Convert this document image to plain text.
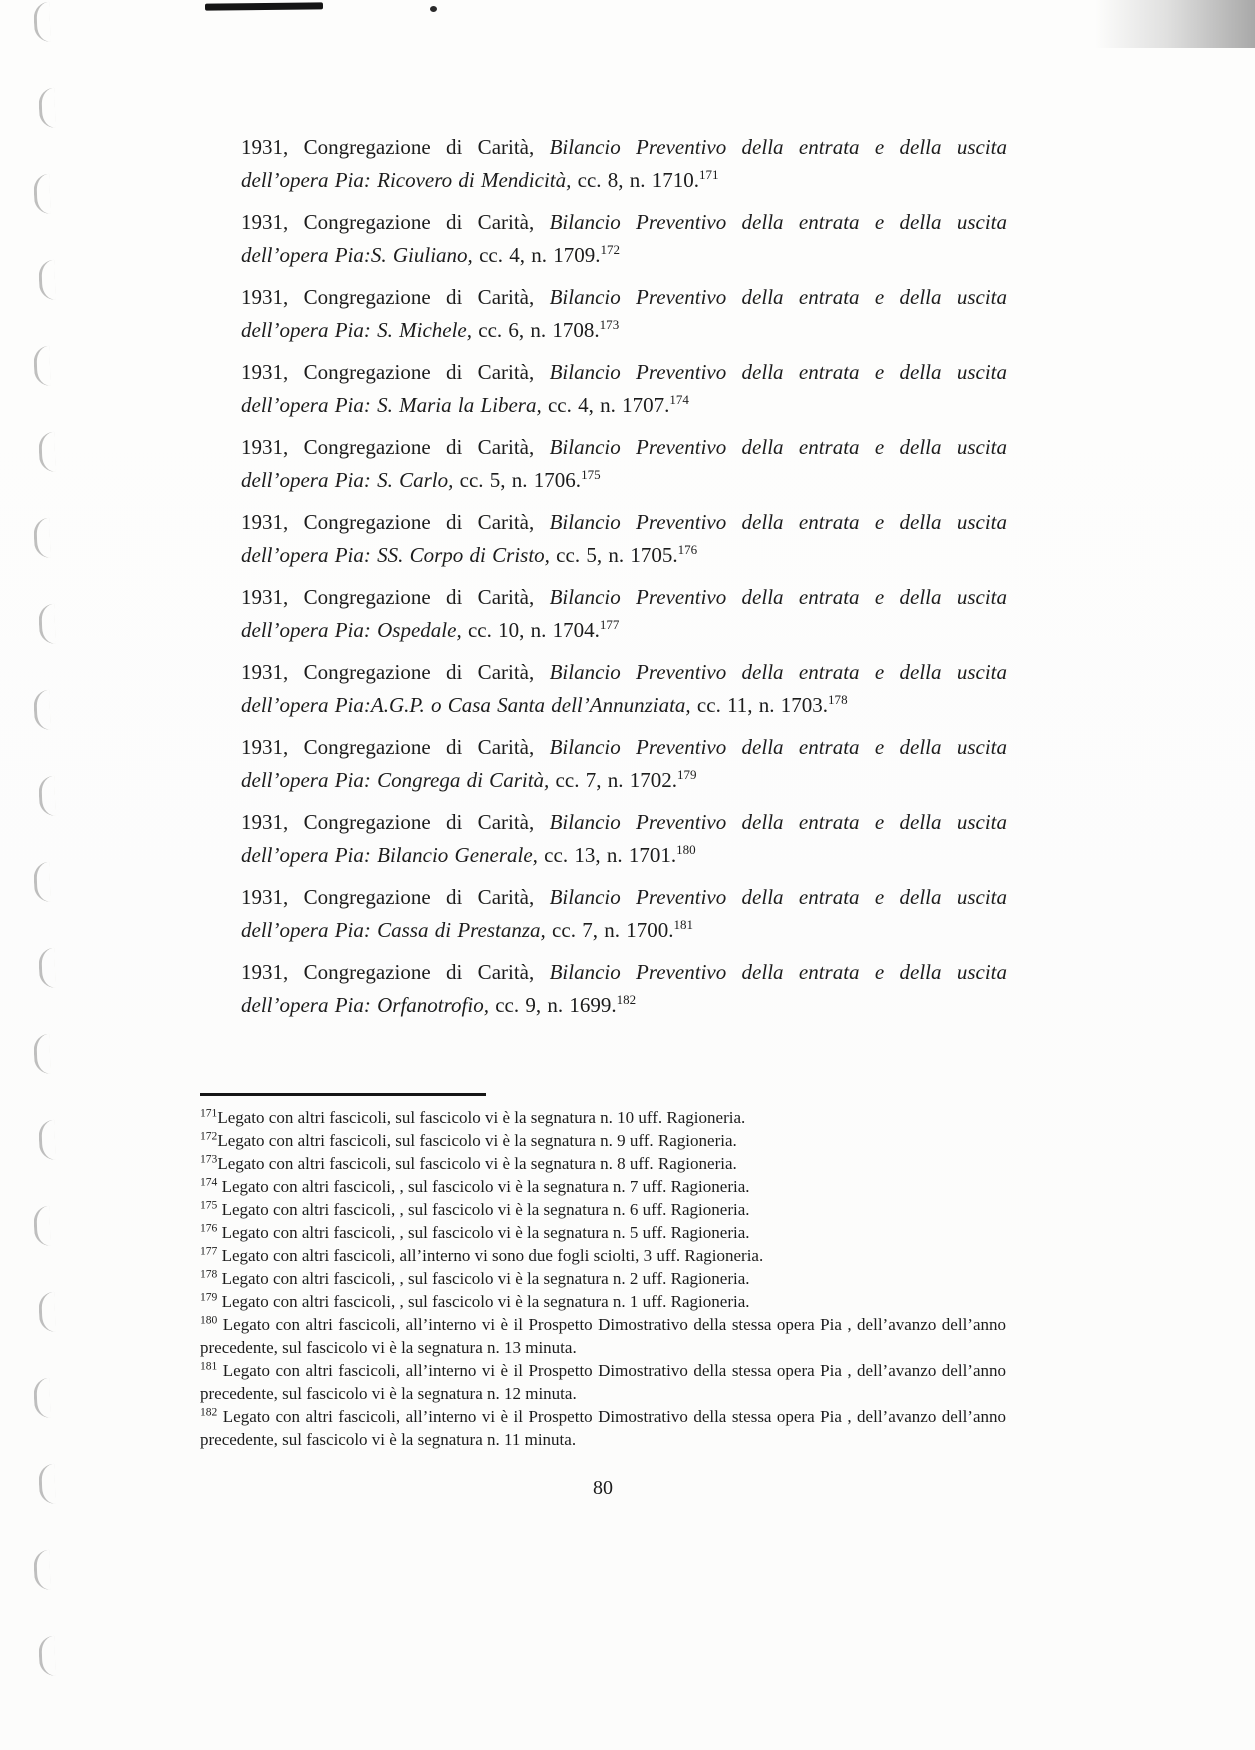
1931, Congregazione di Carità, Bilancio Preventivo della entrata e della uscita dell’opera Pia: Ricovero di Mendicità, cc. 8, n. 1710.$^{171}$

1931, Congregazione di Carità, Bilancio Preventivo della entrata e della uscita dell’opera Pia:S. Giuliano, cc. 4, n. 1709.$^{172}$

1931, Congregazione di Carità, Bilancio Preventivo della entrata e della uscita dell’opera Pia: S. Michele, cc. 6, n. 1708.$^{173}$

1931, Congregazione di Carità, Bilancio Preventivo della entrata e della uscita dell’opera Pia: S. Maria la Libera, cc. 4, n. 1707.$^{174}$

1931, Congregazione di Carità, Bilancio Preventivo della entrata e della uscita dell’opera Pia: S. Carlo, cc. 5, n. 1706.$^{175}$

1931, Congregazione di Carità, Bilancio Preventivo della entrata e della uscita dell’opera Pia: SS. Corpo di Cristo, cc. 5, n. 1705.$^{176}$

1931, Congregazione di Carità, Bilancio Preventivo della entrata e della uscita dell’opera Pia: Ospedale, cc. 10, n. 1704.$^{177}$

1931, Congregazione di Carità, Bilancio Preventivo della entrata e della uscita dell’opera Pia:A.G.P. o Casa Santa dell’Annunziata, cc. 11, n. 1703.$^{178}$

1931, Congregazione di Carità, Bilancio Preventivo della entrata e della uscita dell’opera Pia: Congrega di Carità, cc. 7, n. 1702.$^{179}$

1931, Congregazione di Carità, Bilancio Preventivo della entrata e della uscita dell’opera Pia: Bilancio Generale, cc. 13, n. 1701.$^{180}$

1931, Congregazione di Carità, Bilancio Preventivo della entrata e della uscita dell’opera Pia: Cassa di Prestanza, cc. 7, n. 1700.$^{181}$

1931, Congregazione di Carità, Bilancio Preventivo della entrata e della uscita dell’opera Pia: Orfanotrofio, cc. 9, n. 1699.$^{182}$

$^{171}$Legato con altri fascicoli, sul fascicolo vi è la segnatura n. 10 uff. Ragioneria.

$^{172}$Legato con altri fascicoli, sul fascicolo vi è la segnatura n. 9 uff. Ragioneria.

$^{173}$Legato con altri fascicoli, sul fascicolo vi è la segnatura n. 8 uff. Ragioneria.

$^{174}$ Legato con altri fascicoli, , sul fascicolo vi è la segnatura n. 7 uff. Ragioneria.

$^{175}$ Legato con altri fascicoli, , sul fascicolo vi è la segnatura n. 6 uff. Ragioneria.

$^{176}$ Legato con altri fascicoli, , sul fascicolo vi è la segnatura n. 5 uff. Ragioneria.

$^{177}$ Legato con altri fascicoli, all’interno vi sono due fogli sciolti, 3 uff. Ragioneria.

$^{178}$ Legato con altri fascicoli, , sul fascicolo vi è la segnatura n. 2 uff. Ragioneria.

$^{179}$ Legato con altri fascicoli, , sul fascicolo vi è la segnatura n. 1 uff. Ragioneria.

$^{180}$ Legato con altri fascicoli, all’interno vi è il Prospetto Dimostrativo della stessa opera Pia , dell’avanzo dell’anno precedente, sul fascicolo vi è la segnatura n. 13 minuta.

$^{181}$ Legato con altri fascicoli, all’interno vi è il Prospetto Dimostrativo della stessa opera Pia , dell’avanzo dell’anno precedente, sul fascicolo vi è la segnatura n. 12 minuta.

$^{182}$ Legato con altri fascicoli, all’interno vi è il Prospetto Dimostrativo della stessa opera Pia , dell’avanzo dell’anno precedente, sul fascicolo vi è la segnatura n. 11 minuta.

80
